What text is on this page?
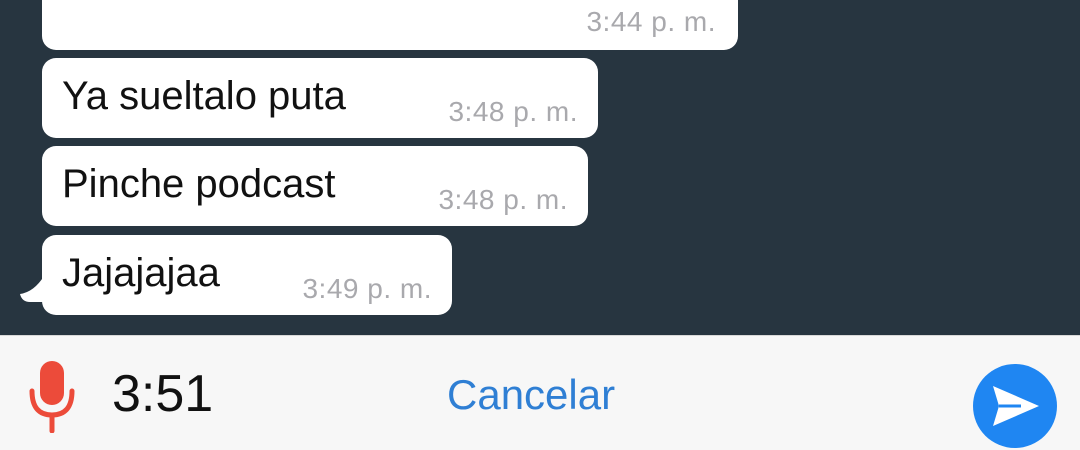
3:44 p. m.
Ya sueltalo puta	3:48 p. m.
Pinche podcast	3:48 p. m.
Jajajajaa	3:49 p. m.
3:51	Cancelar
